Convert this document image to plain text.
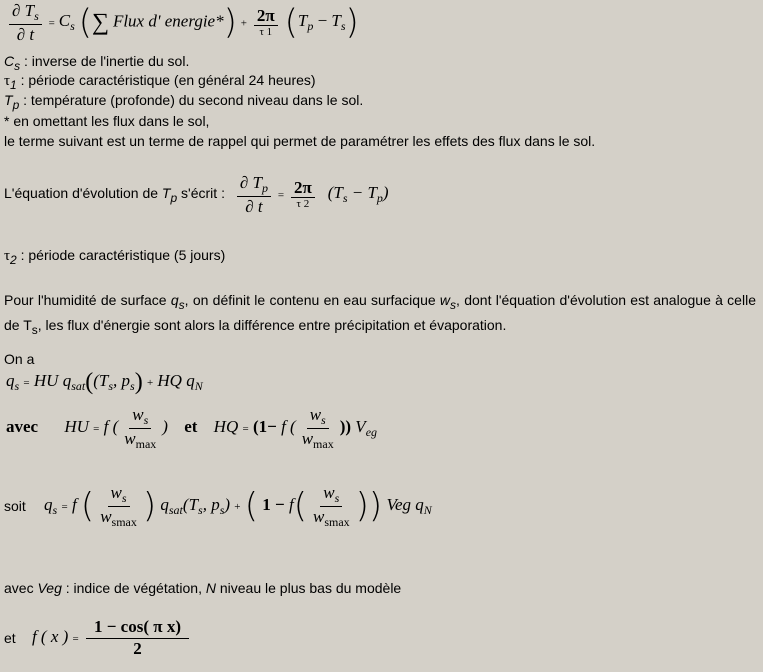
$\frac{\partial T_s}{\partial t} = C_s$ (∑ Flux d' energie*) + $\frac{2\pi}{\tau 1} (T_p - T_s)$
Cs : inverse de l'inertie du sol.
τ1 : période caractéristique (en général 24 heures)
Tp : température (profonde) du second niveau dans le sol.
* en omettant les flux dans le sol,
le terme suivant est un terme de rappel qui permet de paramétrer les effets des flux dans le sol.
L'équation d'évolution de Tp s'écrit : $\frac{\partial T_p}{\partial t} = \frac{2\pi}{\tau 2} (T_s - T_p)$
τ2 : période caractéristique (5 jours)

Pour l'humidité de surface qs, on définit le contenu en eau surfacique ws, dont l'équation d'évolution est analogue à celle de Ts, les flux d'énergie sont alors la différence entre précipitation et évaporation.

On a
$q_s$ = HU $q_{sat}((T_s$, $p_s$) + HQ $q_N$
avec HU = f ( $\frac{w_s}{w_{max}}$ ) et HQ = (1− f ( $\frac{w_s}{w_{max}}$ )) $V_{eg}$
soit $q_s = f$ ( $\frac{w_s}{w_{smax}}$ ) $q_{sat}(T_s$, $p_s$) + ( $1 - f( \frac{w_s}{w_{smax}}$ )) Veg $q_N$
avec Veg : indice de végétation, N niveau le plus bas du modèle
et f ( x ) = $\frac{\text{1 − cos( π x)}}{2}$
